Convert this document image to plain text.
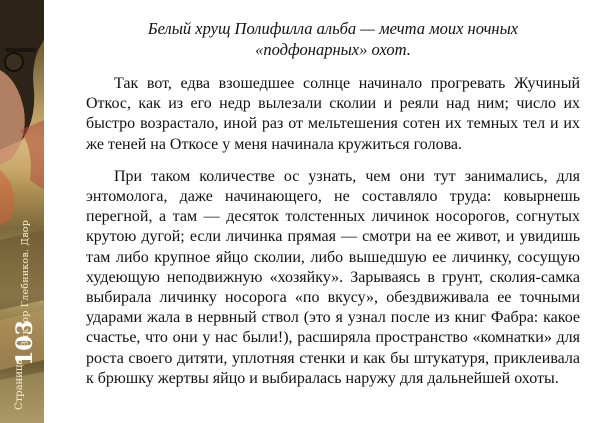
Виктор Глебников. Двор
103
Страница
Белый хрущ Полифилла альба — мечта моих ночных
«подфонарных» охот.

Так вот, едва взошедшее солнце начинало прогревать Жучиный Откос, как из его недр вылезали сколии и реяли над ним; число их быстро возрастало, иной раз от мельтешения сотен их темных тел и их же теней на Откосе у меня начинала кружиться голова.

При таком количестве ос узнать, чем они тут занимались, для энтомолога, даже начинающего, не составляло труда: ковырнешь перегной, а там — десяток толстенных личинок носорогов, согнутых крутою дугой; если личинка прямая — смотри на ее живот, и увидишь там либо крупное яйцо сколии, либо вышедшую ее личинку, сосущую худеющую неподвижную «хозяйку». Зарываясь в грунт, сколия-самка выбирала личинку носорога «по вкусу», обездвиживала ее точными ударами жала в нервный ствол (это я узнал после из книг Фабра: какое счастье, что они у нас были!), расширяла пространство «комнатки» для роста своего дитяти, уплотняя стенки и как бы штукатуря, приклеивала к брюшку жертвы яйцо и выбиралась наружу для дальнейшей охоты.
